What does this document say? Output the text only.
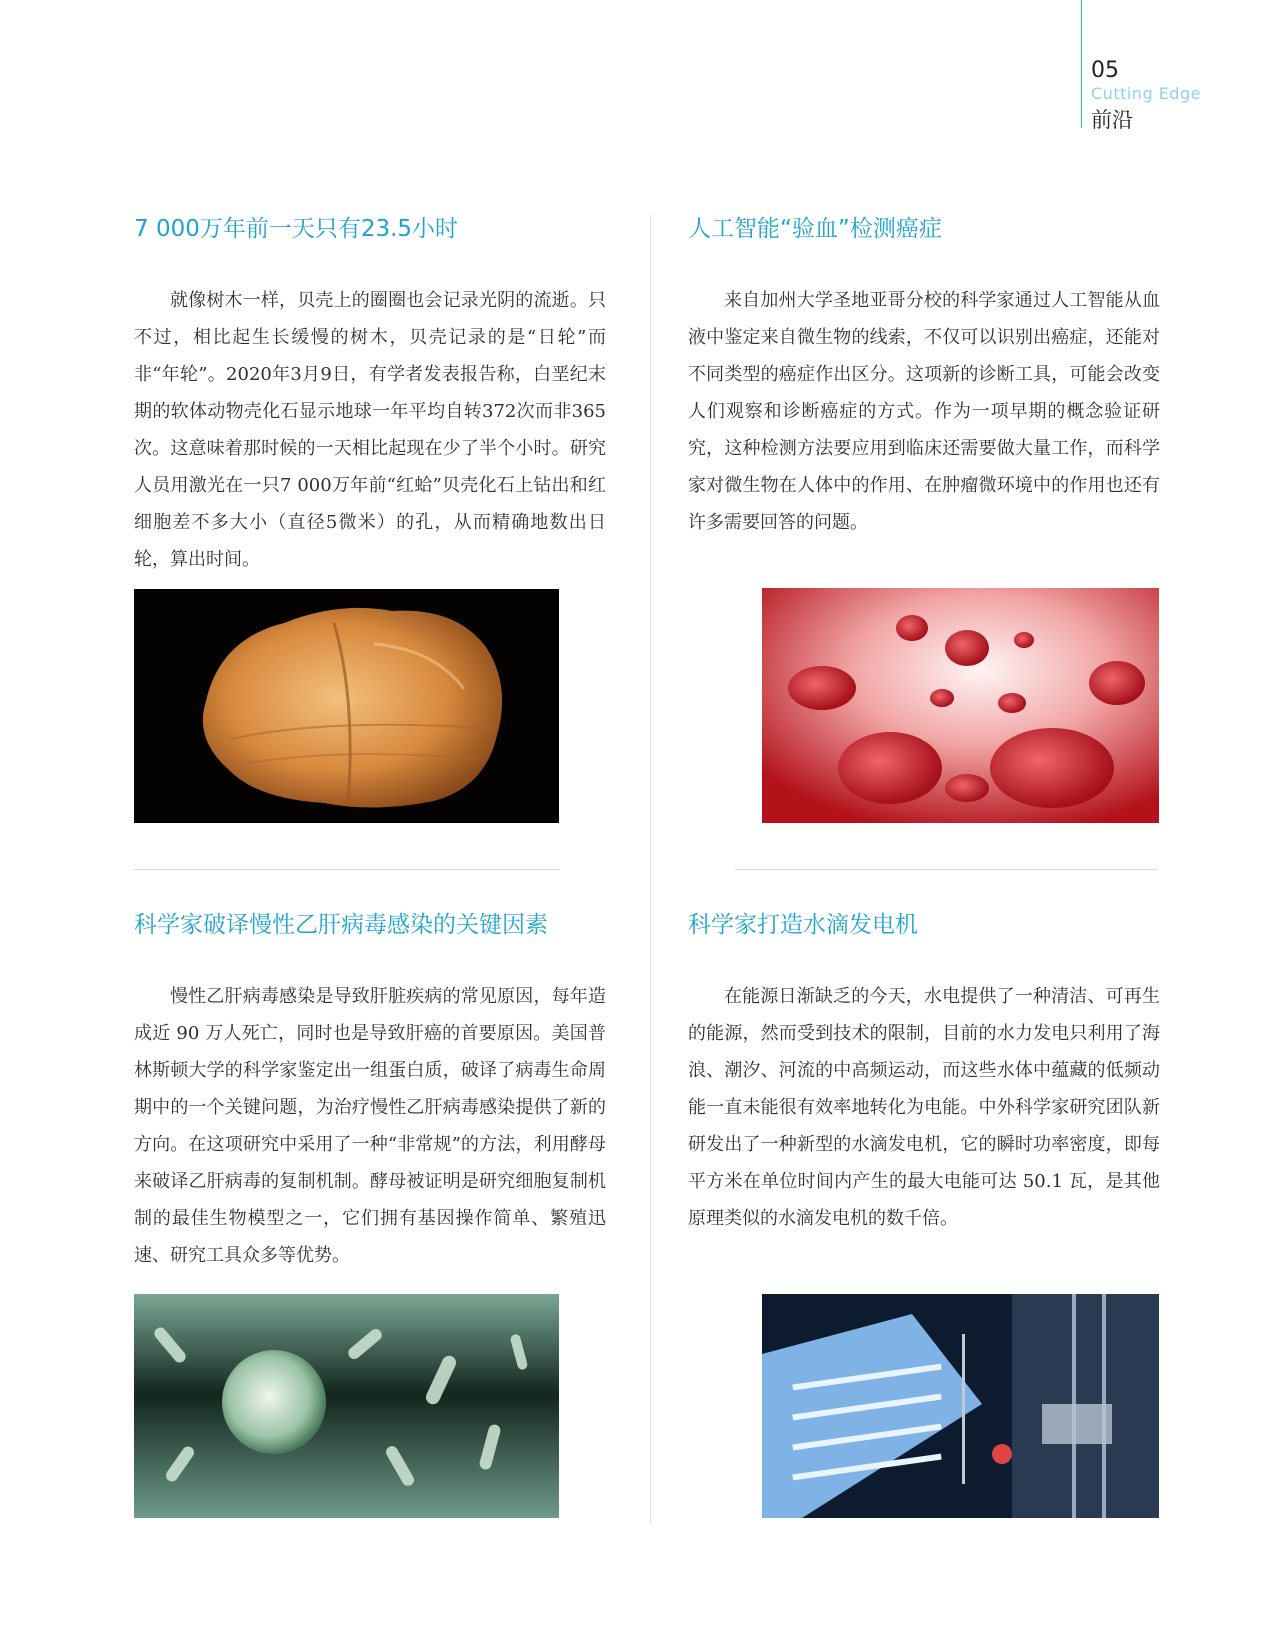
05
Cutting Edge
前沿
7 000万年前一天只有23.5小时

就像树木一样，贝壳上的圈圈也会记录光阴的流逝。只不过，相比起生长缓慢的树木，贝壳记录的是“日轮”而非“年轮”。2020年3月9日，有学者发表报告称，白垩纪末期的软体动物壳化石显示地球一年平均自转372次而非365次。这意味着那时候的一天相比起现在少了半个小时。研究人员用激光在一只7 000万年前“红蛤”贝壳化石上钻出和红细胞差不多大小（直径5微米）的孔，从而精确地数出日轮，算出时间。

人工智能“验血”检测癌症

来自加州大学圣地亚哥分校的科学家通过人工智能从血液中鉴定来自微生物的线索，不仅可以识别出癌症，还能对不同类型的癌症作出区分。这项新的诊断工具，可能会改变人们观察和诊断癌症的方式。作为一项早期的概念验证研究，这种检测方法要应用到临床还需要做大量工作，而科学家对微生物在人体中的作用、在肿瘤微环境中的作用也还有许多需要回答的问题。

科学家破译慢性乙肝病毒感染的关键因素

慢性乙肝病毒感染是导致肝脏疾病的常见原因，每年造成近 90 万人死亡，同时也是导致肝癌的首要原因。美国普林斯顿大学的科学家鉴定出一组蛋白质，破译了病毒生命周期中的一个关键问题，为治疗慢性乙肝病毒感染提供了新的方向。在这项研究中采用了一种“非常规”的方法，利用酵母来破译乙肝病毒的复制机制。酵母被证明是研究细胞复制机制的最佳生物模型之一，它们拥有基因操作简单、繁殖迅速、研究工具众多等优势。

科学家打造水滴发电机

在能源日渐缺乏的今天，水电提供了一种清洁、可再生的能源，然而受到技术的限制，目前的水力发电只利用了海浪、潮汐、河流的中高频运动，而这些水体中蕴藏的低频动能一直未能很有效率地转化为电能。中外科学家研究团队新研发出了一种新型的水滴发电机，它的瞬时功率密度，即每平方米在单位时间内产生的最大电能可达 50.1 瓦，是其他原理类似的水滴发电机的数千倍。
